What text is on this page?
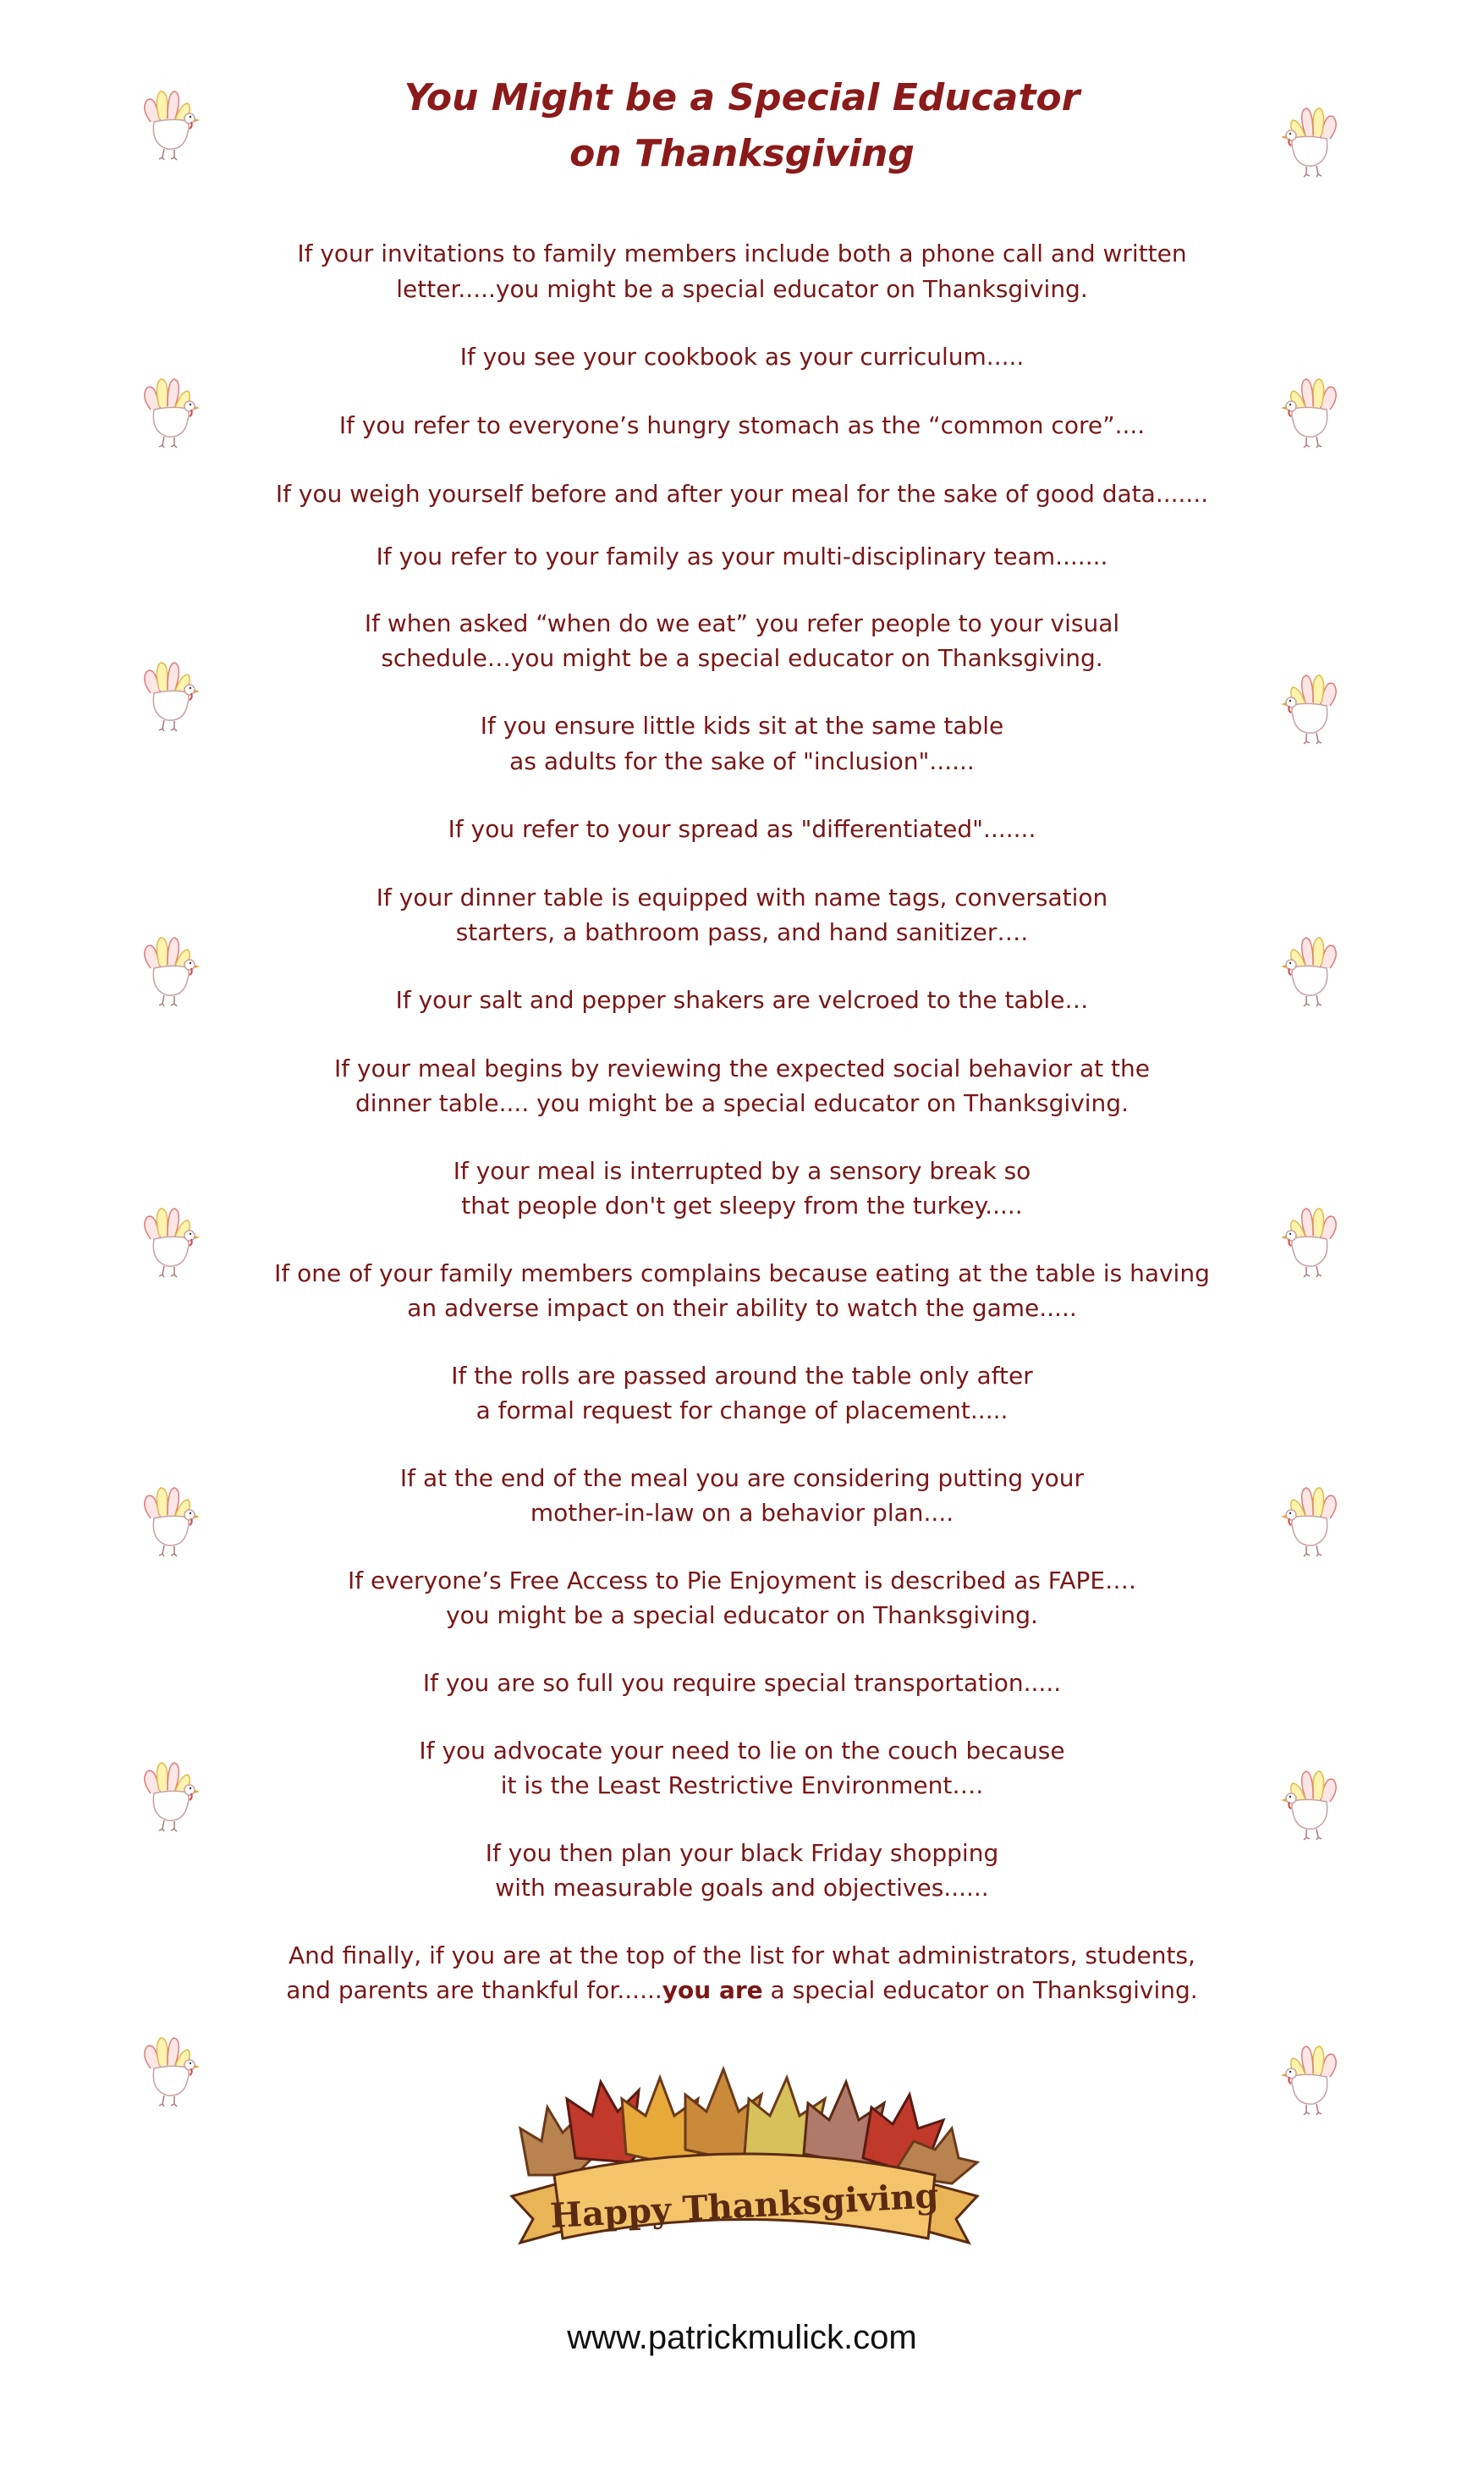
You Might be a Special Educator
on Thanksgiving
If your invitations to family members include both a phone call and written
letter.....you might be a special educator on Thanksgiving.
If you see your cookbook as your curriculum.....
If you refer to everyone’s hungry stomach as the “common core”....
If you weigh yourself before and after your meal for the sake of good data.......
If you refer to your family as your multi-disciplinary team.......
If when asked “when do we eat” you refer people to your visual
schedule…you might be a special educator on Thanksgiving.
If you ensure little kids sit at the same table
as adults for the sake of "inclusion"......
If you refer to your spread as "differentiated".......
If your dinner table is equipped with name tags, conversation
starters, a bathroom pass, and hand sanitizer….
If your salt and pepper shakers are velcroed to the table…
If your meal begins by reviewing the expected social behavior at the
dinner table.... you might be a special educator on Thanksgiving.
If your meal is interrupted by a sensory break so
that people don't get sleepy from the turkey.....
If one of your family members complains because eating at the table is having
an adverse impact on their ability to watch the game.....
If the rolls are passed around the table only after
a formal request for change of placement.....
If at the end of the meal you are considering putting your
mother-in-law on a behavior plan....
If everyone’s Free Access to Pie Enjoyment is described as FAPE….
you might be a special educator on Thanksgiving.
If you are so full you require special transportation.....
If you advocate your need to lie on the couch because
it is the Least Restrictive Environment….
If you then plan your black Friday shopping
with measurable goals and objectives......
And finally, if you are at the top of the list for what administrators, students,
and parents are thankful for......you are a special educator on Thanksgiving.
Happy Thanksgiving
www.patrickmulick.com
